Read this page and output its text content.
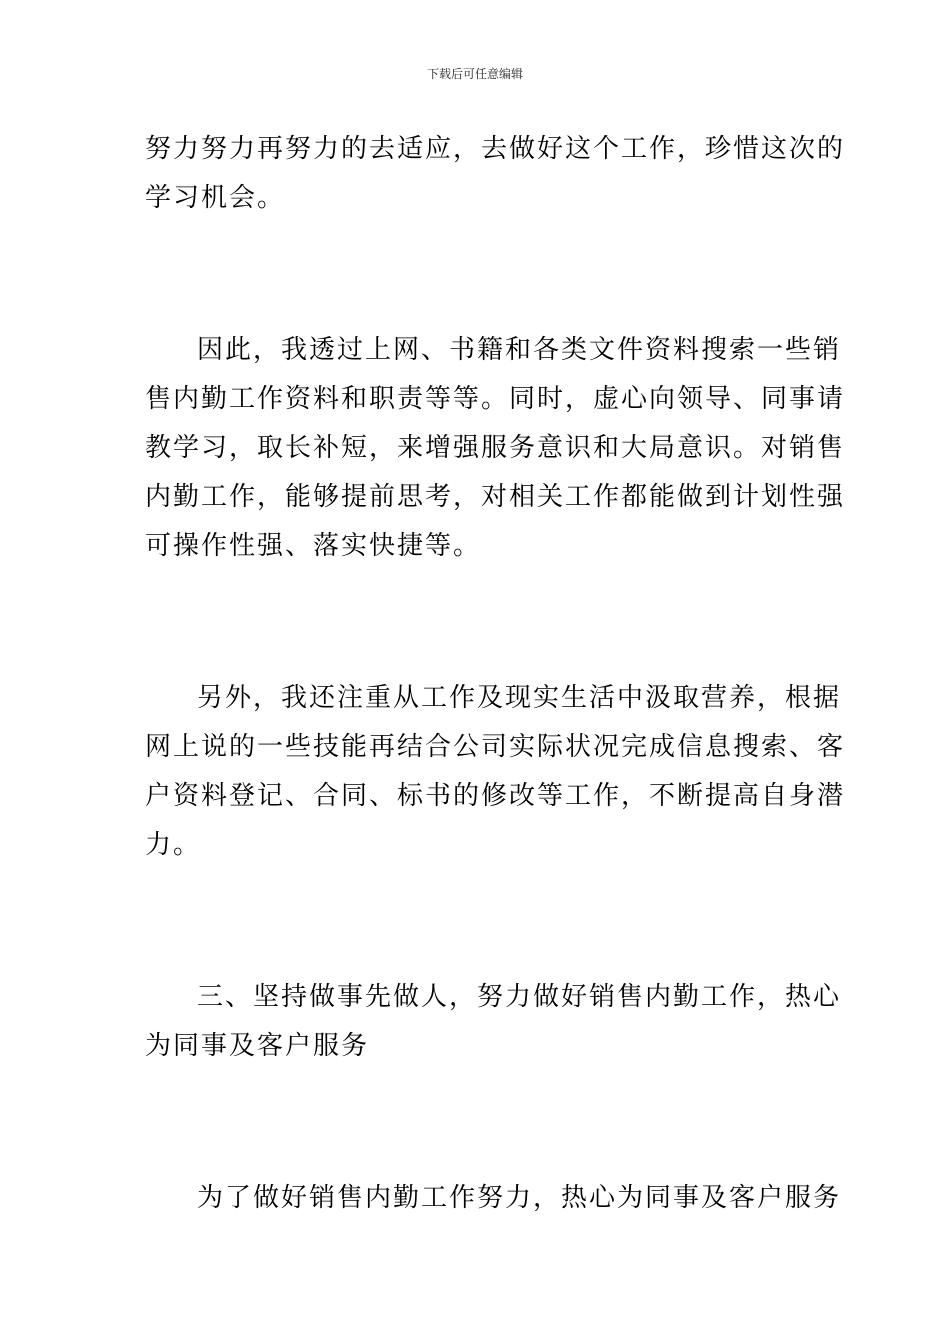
下载后可任意编辑

努力努力再努力的去适应，去做好这个工作，珍惜这次的
学习机会。

因此，我透过上网、书籍和各类文件资料搜索一些销
售内勤工作资料和职责等等。同时，虚心向领导、同事请
教学习，取长补短，来增强服务意识和大局意识。对销售
内勤工作，能够提前思考，对相关工作都能做到计划性强
可操作性强、落实快捷等。

另外，我还注重从工作及现实生活中汲取营养，根据
网上说的一些技能再结合公司实际状况完成信息搜索、客
户资料登记、合同、标书的修改等工作，不断提高自身潜
力。

三、坚持做事先做人，努力做好销售内勤工作，热心
为同事及客户服务

为了做好销售内勤工作努力，热心为同事及客户服务
